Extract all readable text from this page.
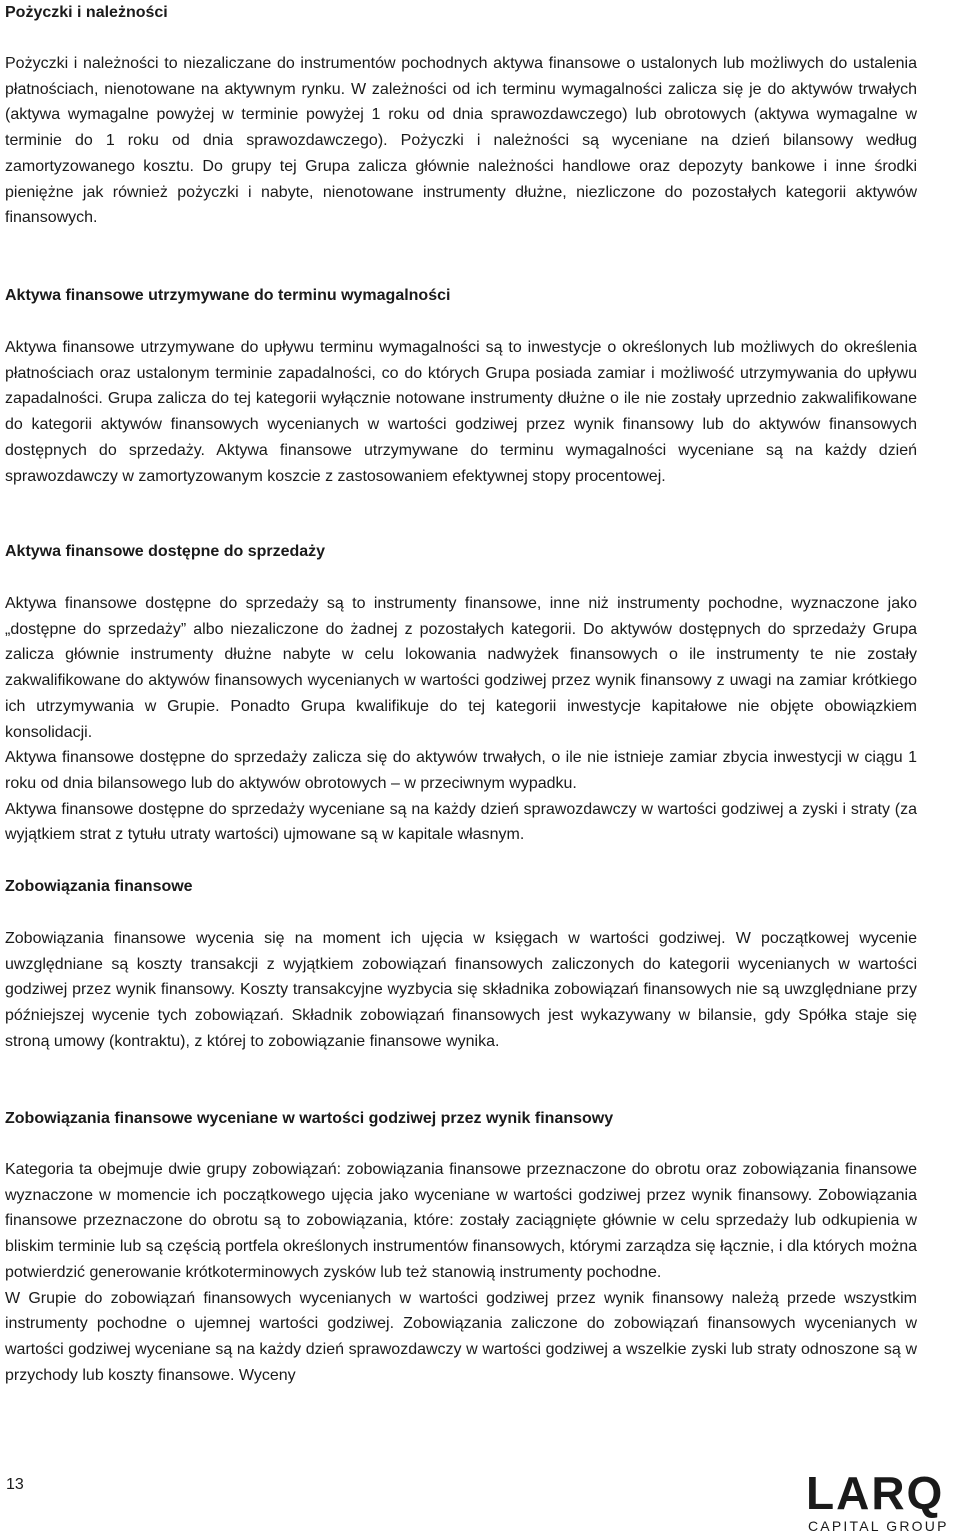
Pożyczki i należności

Pożyczki i należności to niezaliczane do instrumentów pochodnych aktywa finansowe o ustalonych lub możliwych do ustalenia płatnościach, nienotowane na aktywnym rynku. W zależności od ich terminu wymagalności zalicza się je do aktywów trwałych (aktywa wymagalne powyżej w terminie powyżej 1 roku od dnia sprawozdawczego) lub obrotowych (aktywa wymagalne w terminie do 1 roku od dnia sprawozdawczego). Pożyczki i należności są wyceniane na dzień bilansowy według zamortyzowanego kosztu. Do grupy tej Grupa zalicza głównie należności handlowe oraz depozyty bankowe i inne środki pieniężne jak również pożyczki i nabyte, nienotowane instrumenty dłużne, niezliczone do pozostałych kategorii aktywów finansowych.

Aktywa finansowe utrzymywane do terminu wymagalności

Aktywa finansowe utrzymywane do upływu terminu wymagalności są to inwestycje o określonych lub możliwych do określenia płatnościach oraz ustalonym terminie zapadalności, co do których Grupa posiada zamiar i możliwość utrzymywania do upływu zapadalności. Grupa zalicza do tej kategorii wyłącznie notowane instrumenty dłużne o ile nie zostały uprzednio zakwalifikowane do kategorii aktywów finansowych wycenianych w wartości godziwej przez wynik finansowy lub do aktywów finansowych dostępnych do sprzedaży. Aktywa finansowe utrzymywane do terminu wymagalności wyceniane są na każdy dzień sprawozdawczy w zamortyzowanym koszcie z zastosowaniem efektywnej stopy procentowej.

Aktywa finansowe dostępne do sprzedaży

Aktywa finansowe dostępne do sprzedaży są to instrumenty finansowe, inne niż instrumenty pochodne, wyznaczone jako „dostępne do sprzedaży” albo niezaliczone do żadnej z pozostałych kategorii. Do aktywów dostępnych do sprzedaży Grupa zalicza głównie instrumenty dłużne nabyte w celu lokowania nadwyżek finansowych o ile instrumenty te nie zostały zakwalifikowane do aktywów finansowych wycenianych w wartości godziwej przez wynik finansowy z uwagi na zamiar krótkiego ich utrzymywania w Grupie. Ponadto Grupa kwalifikuje do tej kategorii inwestycje kapitałowe nie objęte obowiązkiem konsolidacji.

Aktywa finansowe dostępne do sprzedaży zalicza się do aktywów trwałych, o ile nie istnieje zamiar zbycia inwestycji w ciągu 1 roku od dnia bilansowego lub do aktywów obrotowych – w przeciwnym wypadku.

Aktywa finansowe dostępne do sprzedaży wyceniane są na każdy dzień sprawozdawczy w wartości godziwej a zyski i straty (za wyjątkiem strat z tytułu utraty wartości) ujmowane są w kapitale własnym.

Zobowiązania finansowe

Zobowiązania finansowe wycenia się na moment ich ujęcia w księgach w wartości godziwej. W początkowej wycenie uwzględniane są koszty transakcji z wyjątkiem zobowiązań finansowych zaliczonych do kategorii wycenianych w wartości godziwej przez wynik finansowy. Koszty transakcyjne wyzbycia się składnika zobowiązań finansowych nie są uwzględniane przy późniejszej wycenie tych zobowiązań. Składnik zobowiązań finansowych jest wykazywany w bilansie, gdy Spółka staje się stroną umowy (kontraktu), z której to zobowiązanie finansowe wynika.

Zobowiązania finansowe wyceniane w wartości godziwej przez wynik finansowy

Kategoria ta obejmuje dwie grupy zobowiązań: zobowiązania finansowe przeznaczone do obrotu oraz zobowiązania finansowe wyznaczone w momencie ich początkowego ujęcia jako wyceniane w wartości godziwej przez wynik finansowy. Zobowiązania finansowe przeznaczone do obrotu są to zobowiązania, które: zostały zaciągnięte głównie w celu sprzedaży lub odkupienia w bliskim terminie lub są częścią portfela określonych instrumentów finansowych, którymi zarządza się łącznie, i dla których można potwierdzić generowanie krótkoterminowych zysków lub też stanowią instrumenty pochodne.

W Grupie do zobowiązań finansowych wycenianych w wartości godziwej przez wynik finansowy należą przede wszystkim instrumenty pochodne o ujemnej wartości godziwej. Zobowiązania zaliczone do zobowiązań finansowych wycenianych w wartości godziwej wyceniane są na każdy dzień sprawozdawczy w wartości godziwej a wszelkie zyski lub straty odnoszone są w przychody lub koszty finansowe. Wyceny

13	LARQ
CAPITAL GROUP
